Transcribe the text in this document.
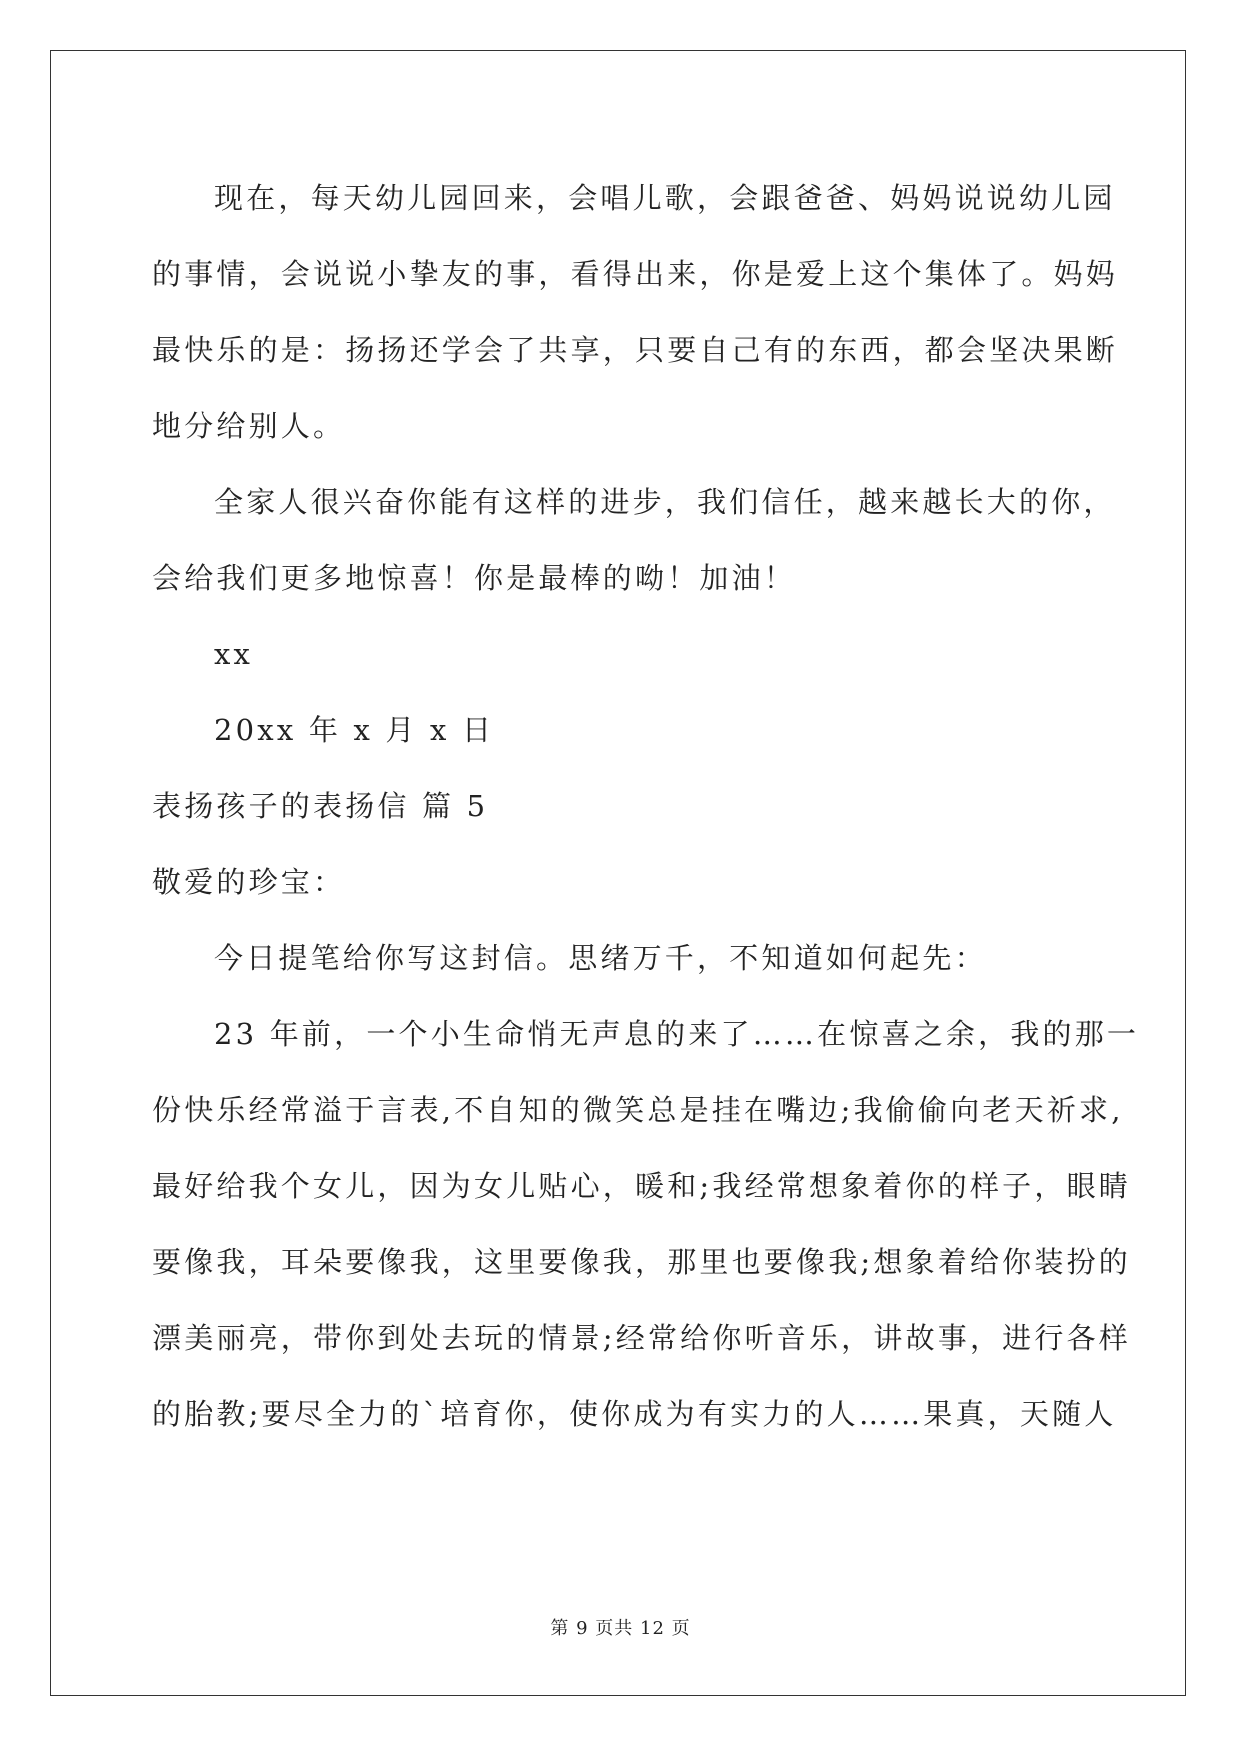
现在，每天幼儿园回来，会唱儿歌，会跟爸爸、妈妈说说幼儿园
的事情，会说说小挚友的事，看得出来，你是爱上这个集体了。妈妈
最快乐的是：扬扬还学会了共享，只要自己有的东西，都会坚决果断
地分给别人。
全家人很兴奋你能有这样的进步，我们信任，越来越长大的你，
会给我们更多地惊喜！你是最棒的呦！加油！
xx
20xx 年 x 月 x 日
表扬孩子的表扬信 篇 5
敬爱的珍宝：
今日提笔给你写这封信。思绪万千，不知道如何起先：
23 年前，一个小生命悄无声息的来了……在惊喜之余，我的那一
份快乐经常溢于言表,不自知的微笑总是挂在嘴边;我偷偷向老天祈求,
最好给我个女儿，因为女儿贴心，暖和;我经常想象着你的样子，眼睛
要像我，耳朵要像我，这里要像我，那里也要像我;想象着给你装扮的
漂美丽亮，带你到处去玩的情景;经常给你听音乐，讲故事，进行各样
的胎教;要尽全力的`培育你，使你成为有实力的人……果真，天随人
第 9 页共 12 页
